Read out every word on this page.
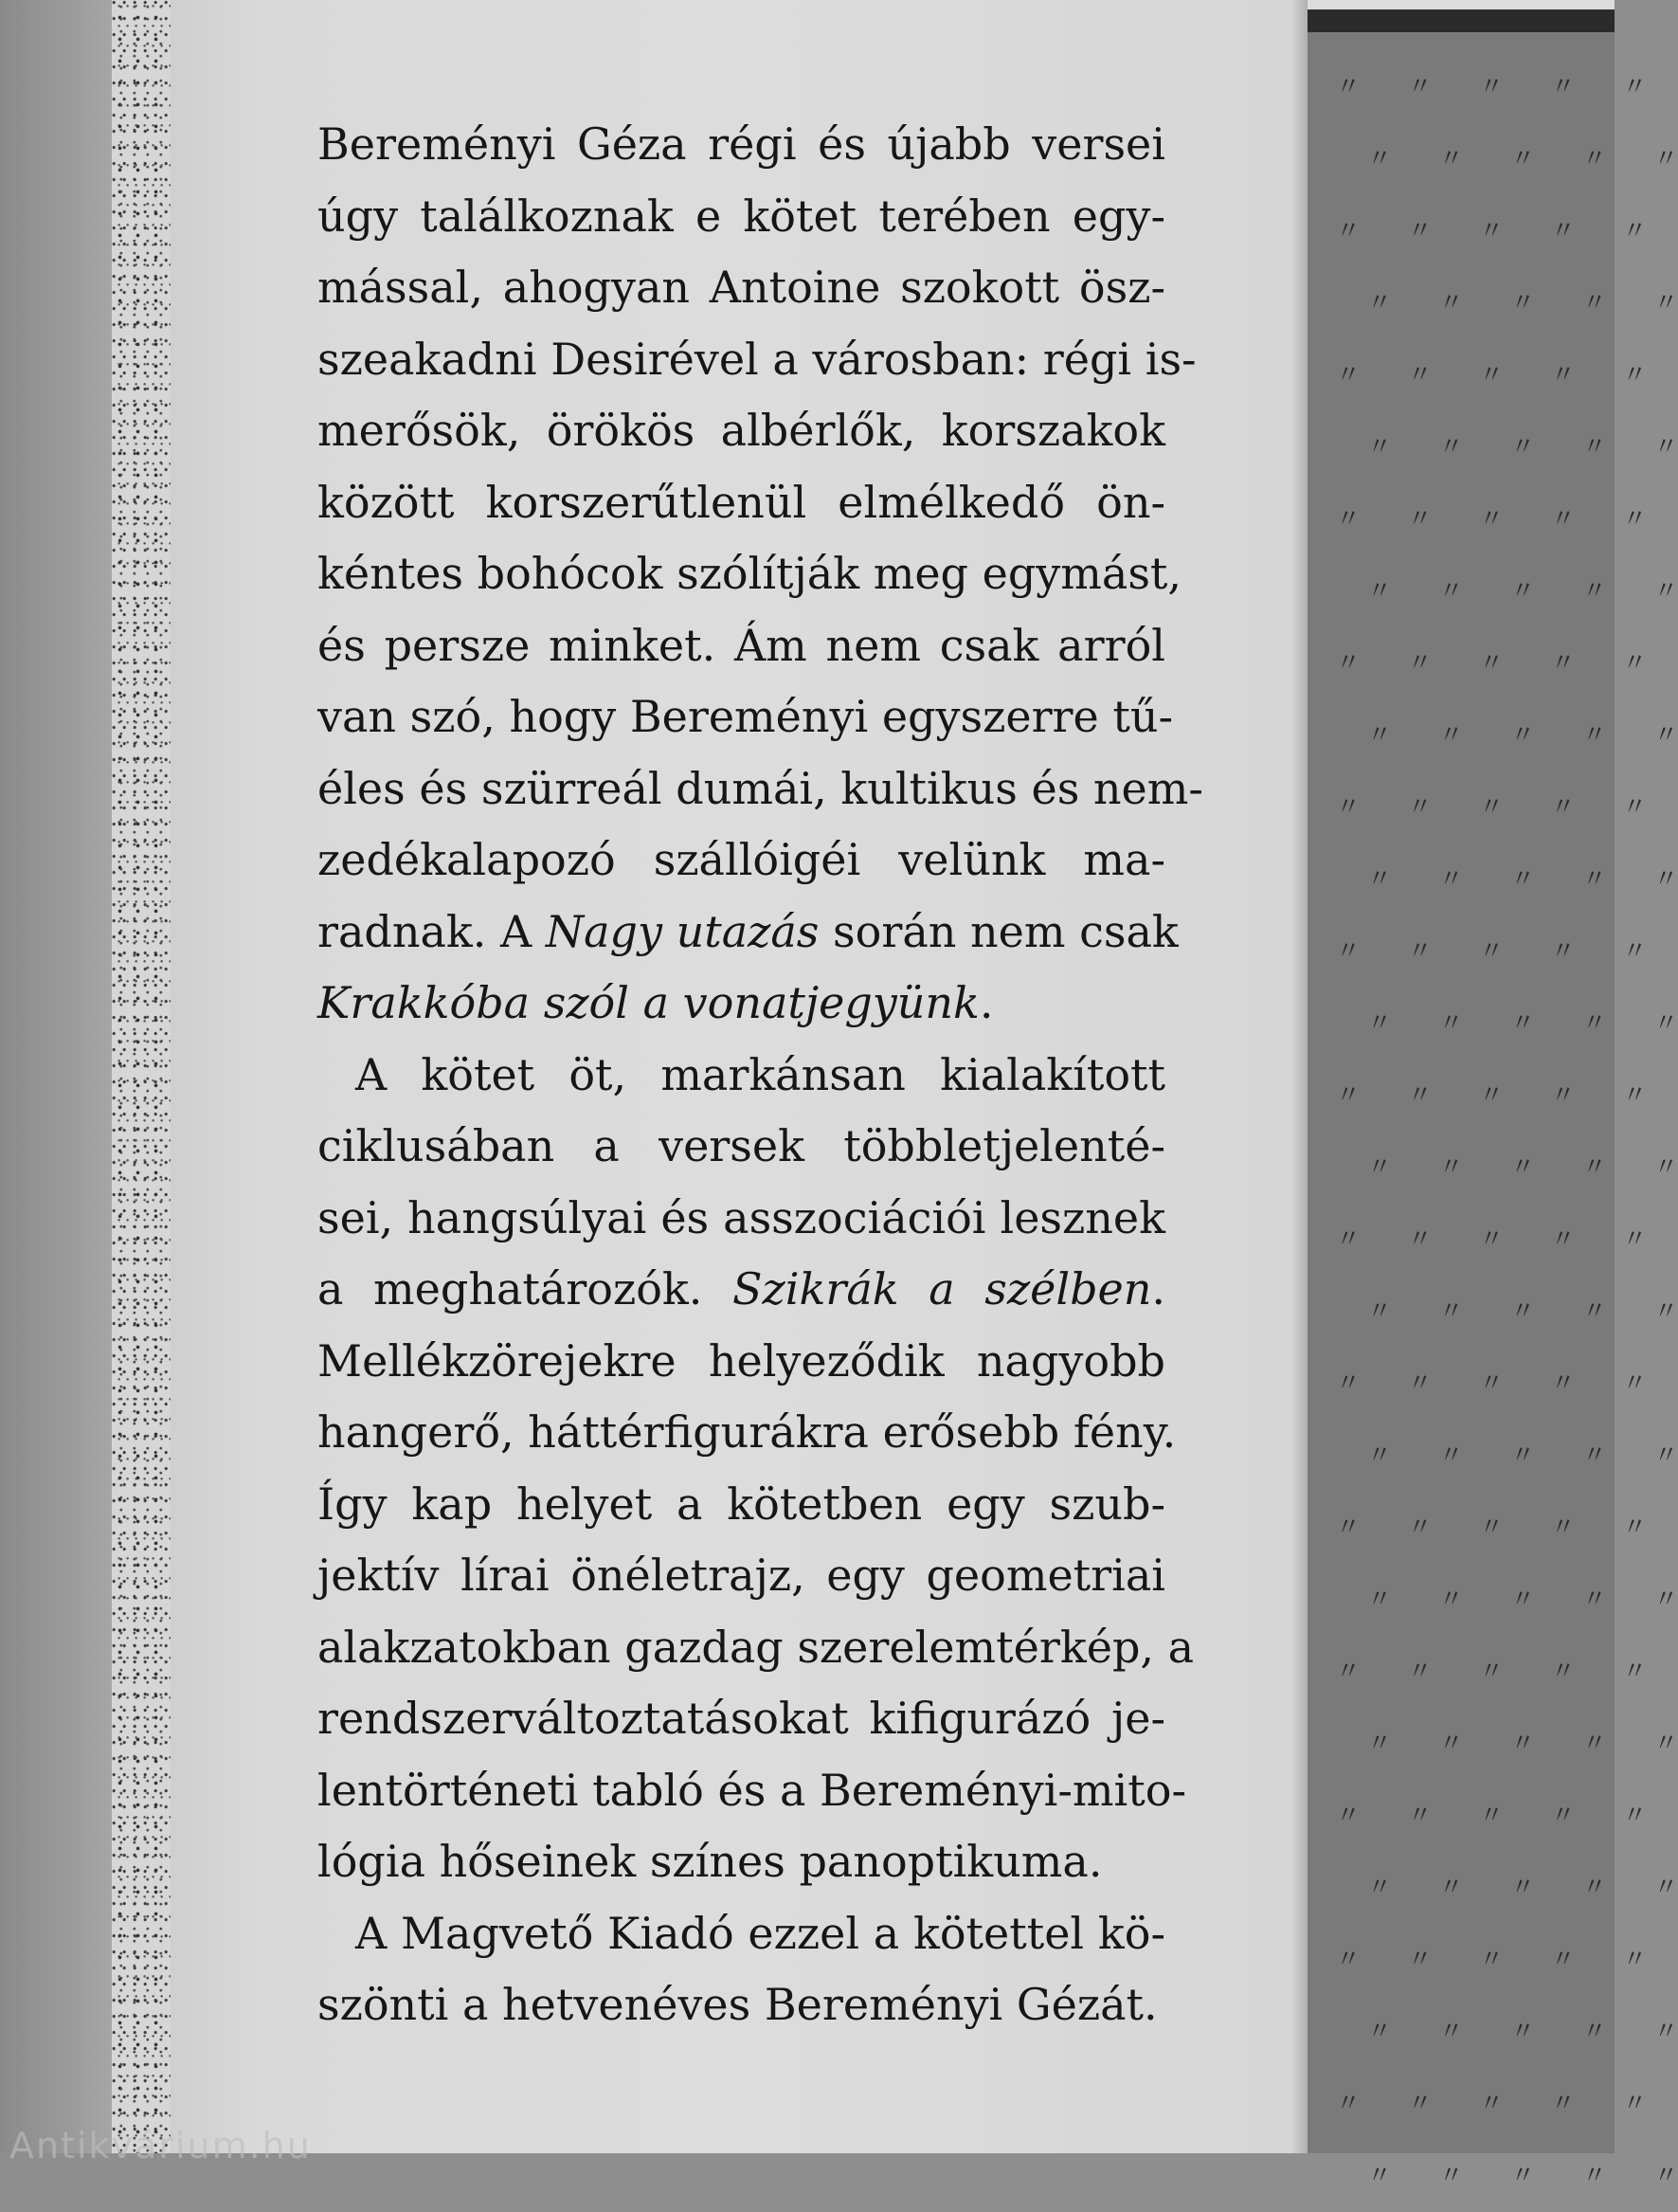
〃      〃      〃      〃      〃
〃      〃      〃      〃      〃
〃      〃      〃      〃      〃
〃      〃      〃      〃      〃
〃      〃      〃      〃      〃
〃      〃      〃      〃      〃
〃      〃      〃      〃      〃
〃      〃      〃      〃      〃
〃      〃      〃      〃      〃
〃      〃      〃      〃      〃
〃      〃      〃      〃      〃
〃      〃      〃      〃      〃
〃      〃      〃      〃      〃
〃      〃      〃      〃      〃
〃      〃      〃      〃      〃
〃      〃      〃      〃      〃
〃      〃      〃      〃      〃
〃      〃      〃      〃      〃
〃      〃      〃      〃      〃
〃      〃      〃      〃      〃
〃      〃      〃      〃      〃
〃      〃      〃      〃      〃
〃      〃      〃      〃      〃
〃      〃      〃      〃      〃
〃      〃      〃      〃      〃
〃      〃      〃      〃      〃
〃      〃      〃      〃      〃
〃      〃      〃      〃      〃
〃      〃      〃      〃      〃
〃      〃      〃      〃      〃
Bereményi Géza régi és újabb versei
úgy találkoznak e kötet terében egy-
mással, ahogyan Antoine szokott ösz-
szeakadni Desirével a városban: régi is-
merősök, örökös albérlők, korszakok
között korszerűtlenül elmélkedő ön-
kéntes bohócok szólítják meg egymást,
és persze minket. Ám nem csak arról
van szó, hogy Bereményi egyszerre tű-
éles és szürreál dumái, kultikus és nem-
zedékalapozó szállóigéi velünk ma-
radnak. A Nagy utazás során nem csak
Krakkóba szól a vonatjegyünk.
A kötet öt, markánsan kialakított
ciklusában a versek többletjelenté-
sei, hangsúlyai és asszociációi lesznek
a meghatározók. Szikrák a szélben.
Mellékzörejekre helyeződik nagyobb
hangerő, háttérfigurákra erősebb fény.
Így kap helyet a kötetben egy szub-
jektív lírai önéletrajz, egy geometriai
alakzatokban gazdag szerelemtérkép, a
rendszerváltoztatásokat kifigurázó je-
lentörténeti tabló és a Bereményi-mito-
lógia hőseinek színes panoptikuma.
A Magvető Kiadó ezzel a kötettel kö-
szönti a hetvenéves Bereményi Gézát.
Antikvárium.hu
